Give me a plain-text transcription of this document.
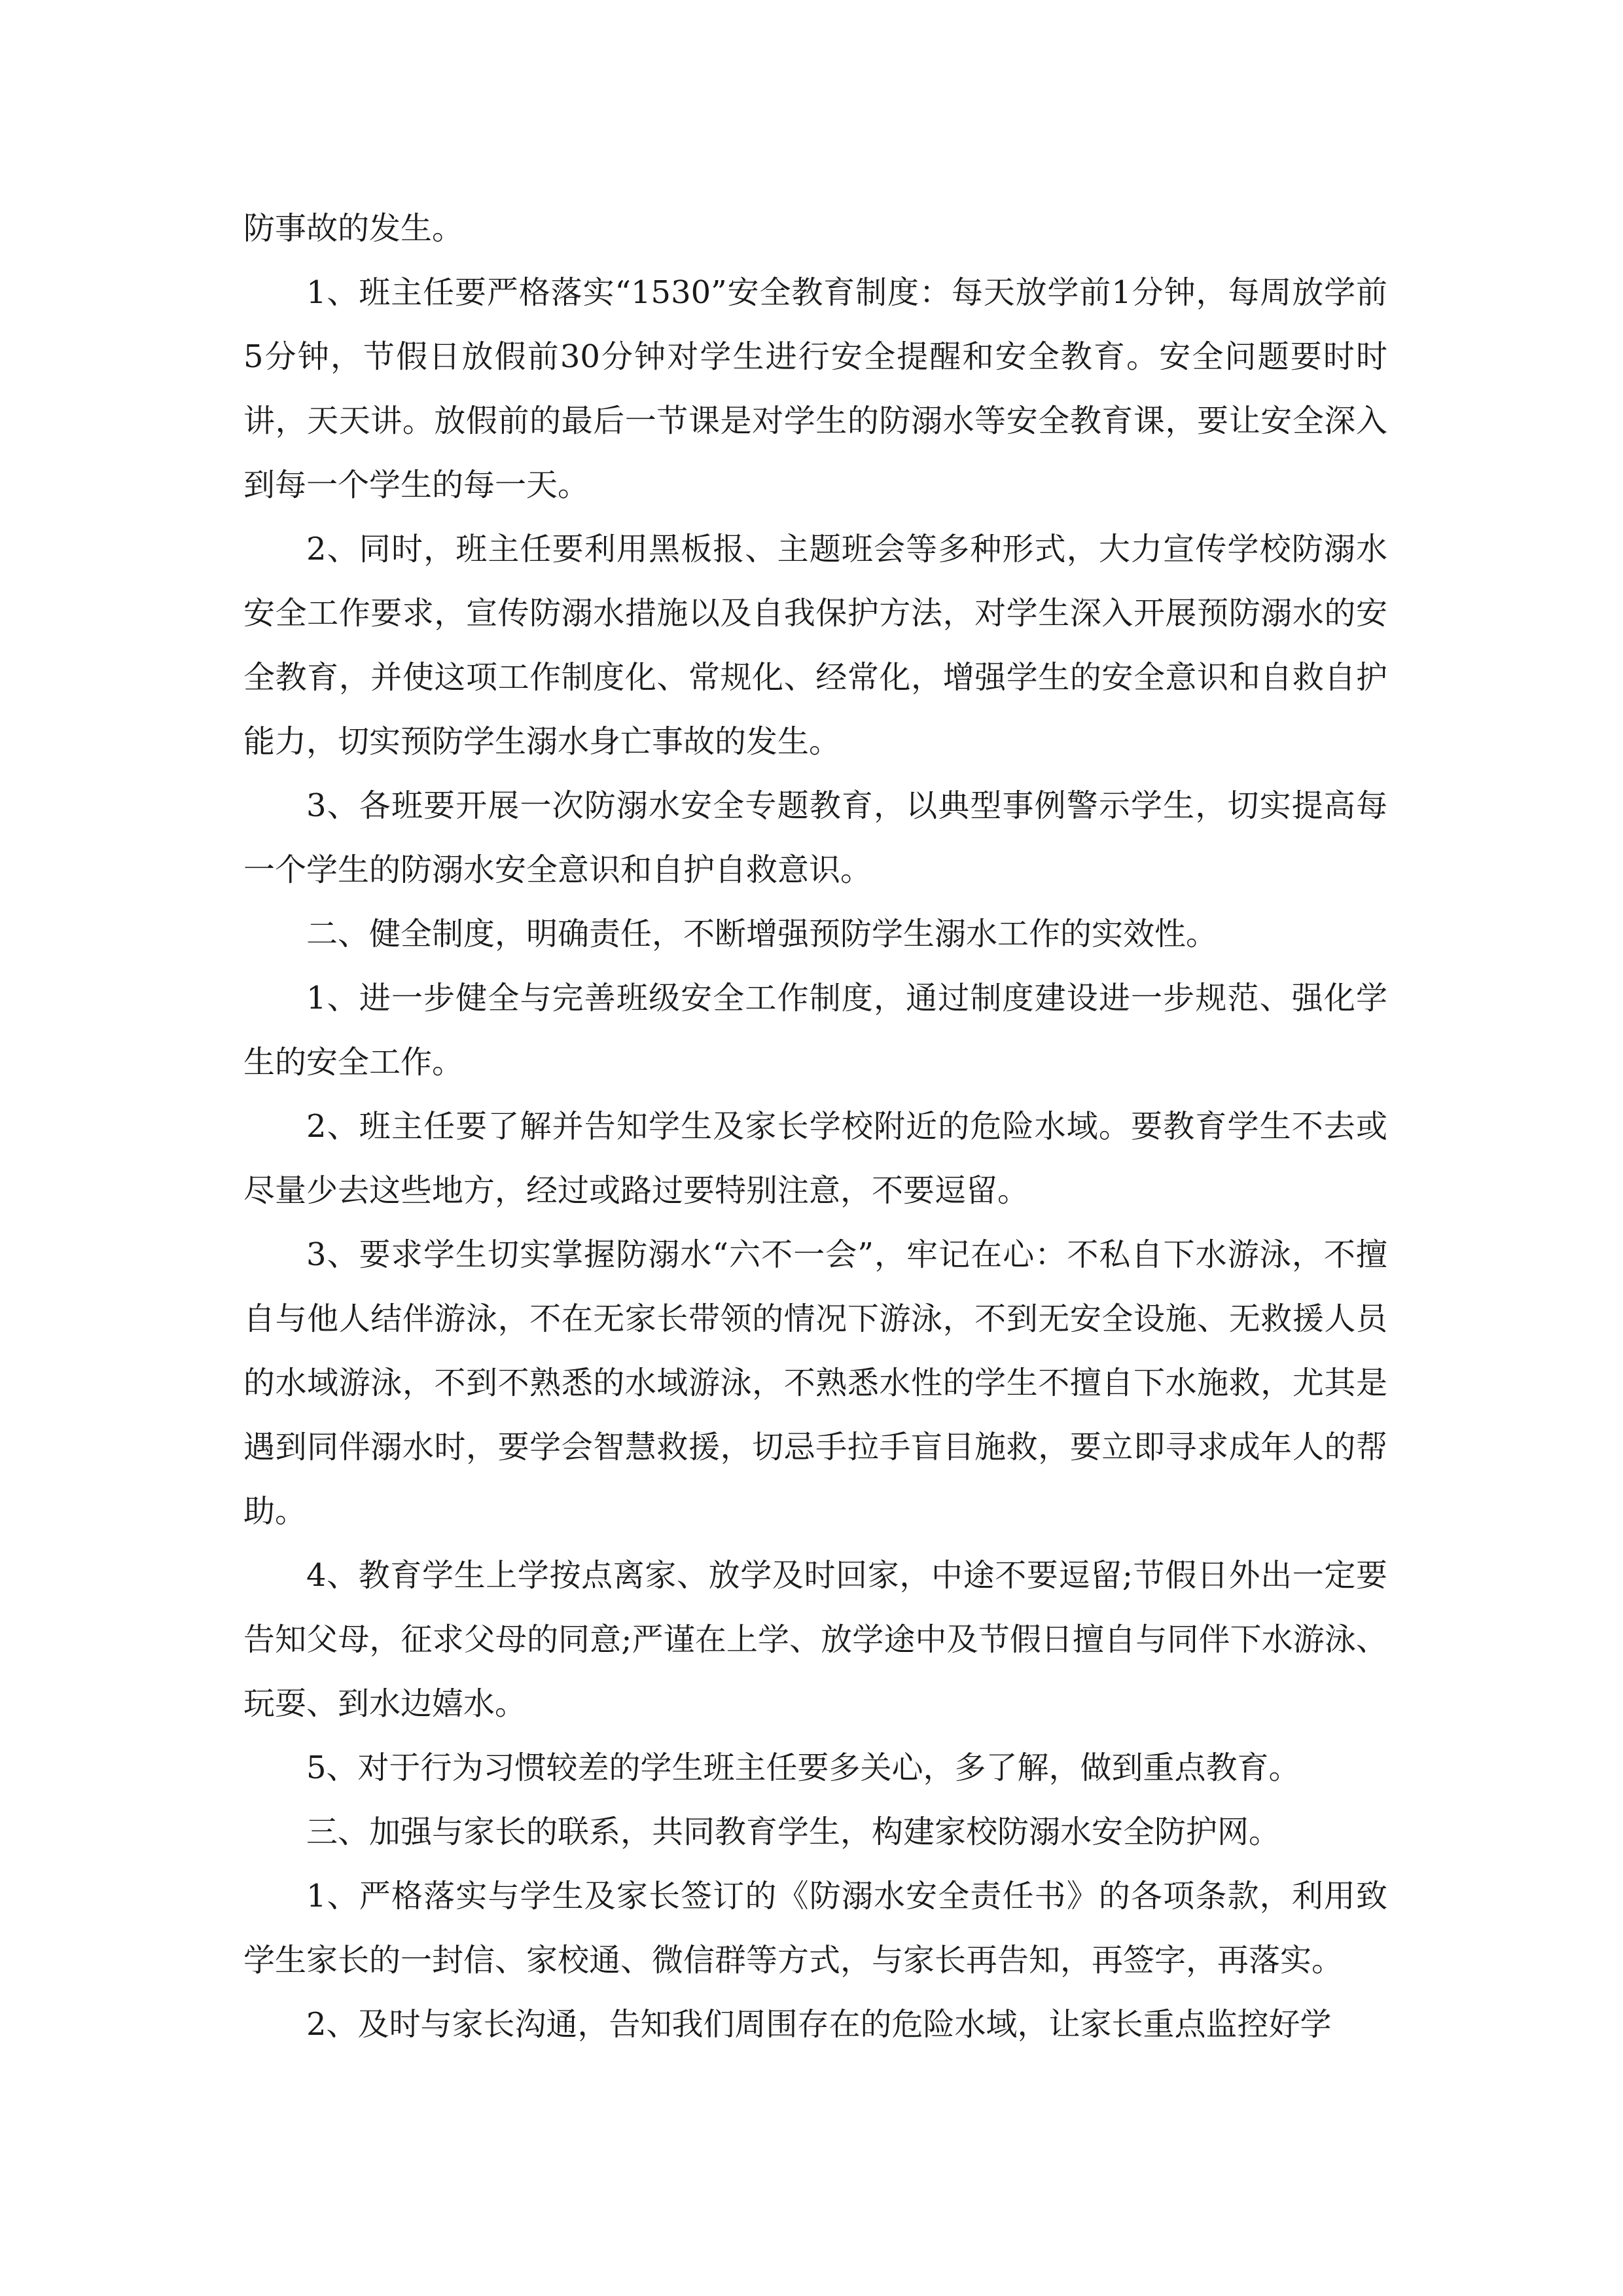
防事故的发生。

1、班主任要严格落实“1530”安全教育制度：每天放学前1分钟，每周放学前5分钟，节假日放假前30分钟对学生进行安全提醒和安全教育。安全问题要时时讲，天天讲。放假前的最后一节课是对学生的防溺水等安全教育课，要让安全深入到每一个学生的每一天。

2、同时，班主任要利用黑板报、主题班会等多种形式，大力宣传学校防溺水安全工作要求，宣传防溺水措施以及自我保护方法，对学生深入开展预防溺水的安全教育，并使这项工作制度化、常规化、经常化，增强学生的安全意识和自救自护能力，切实预防学生溺水身亡事故的发生。

3、各班要开展一次防溺水安全专题教育，以典型事例警示学生，切实提高每一个学生的防溺水安全意识和自护自救意识。

二、健全制度，明确责任，不断增强预防学生溺水工作的实效性。

1、进一步健全与完善班级安全工作制度，通过制度建设进一步规范、强化学生的安全工作。

2、班主任要了解并告知学生及家长学校附近的危险水域。要教育学生不去或尽量少去这些地方，经过或路过要特别注意，不要逗留。

3、要求学生切实掌握防溺水“六不一会”，牢记在心：不私自下水游泳，不擅自与他人结伴游泳，不在无家长带领的情况下游泳，不到无安全设施、无救援人员的水域游泳，不到不熟悉的水域游泳，不熟悉水性的学生不擅自下水施救，尤其是遇到同伴溺水时，要学会智慧救援，切忌手拉手盲目施救，要立即寻求成年人的帮助。

4、教育学生上学按点离家、放学及时回家，中途不要逗留;节假日外出一定要告知父母，征求父母的同意;严谨在上学、放学途中及节假日擅自与同伴下水游泳、玩耍、到水边嬉水。

5、对于行为习惯较差的学生班主任要多关心，多了解，做到重点教育。

三、加强与家长的联系，共同教育学生，构建家校防溺水安全防护网。

1、严格落实与学生及家长签订的《防溺水安全责任书》的各项条款，利用致学生家长的一封信、家校通、微信群等方式，与家长再告知，再签字，再落实。

2、及时与家长沟通，告知我们周围存在的危险水域，让家长重点监控好学
